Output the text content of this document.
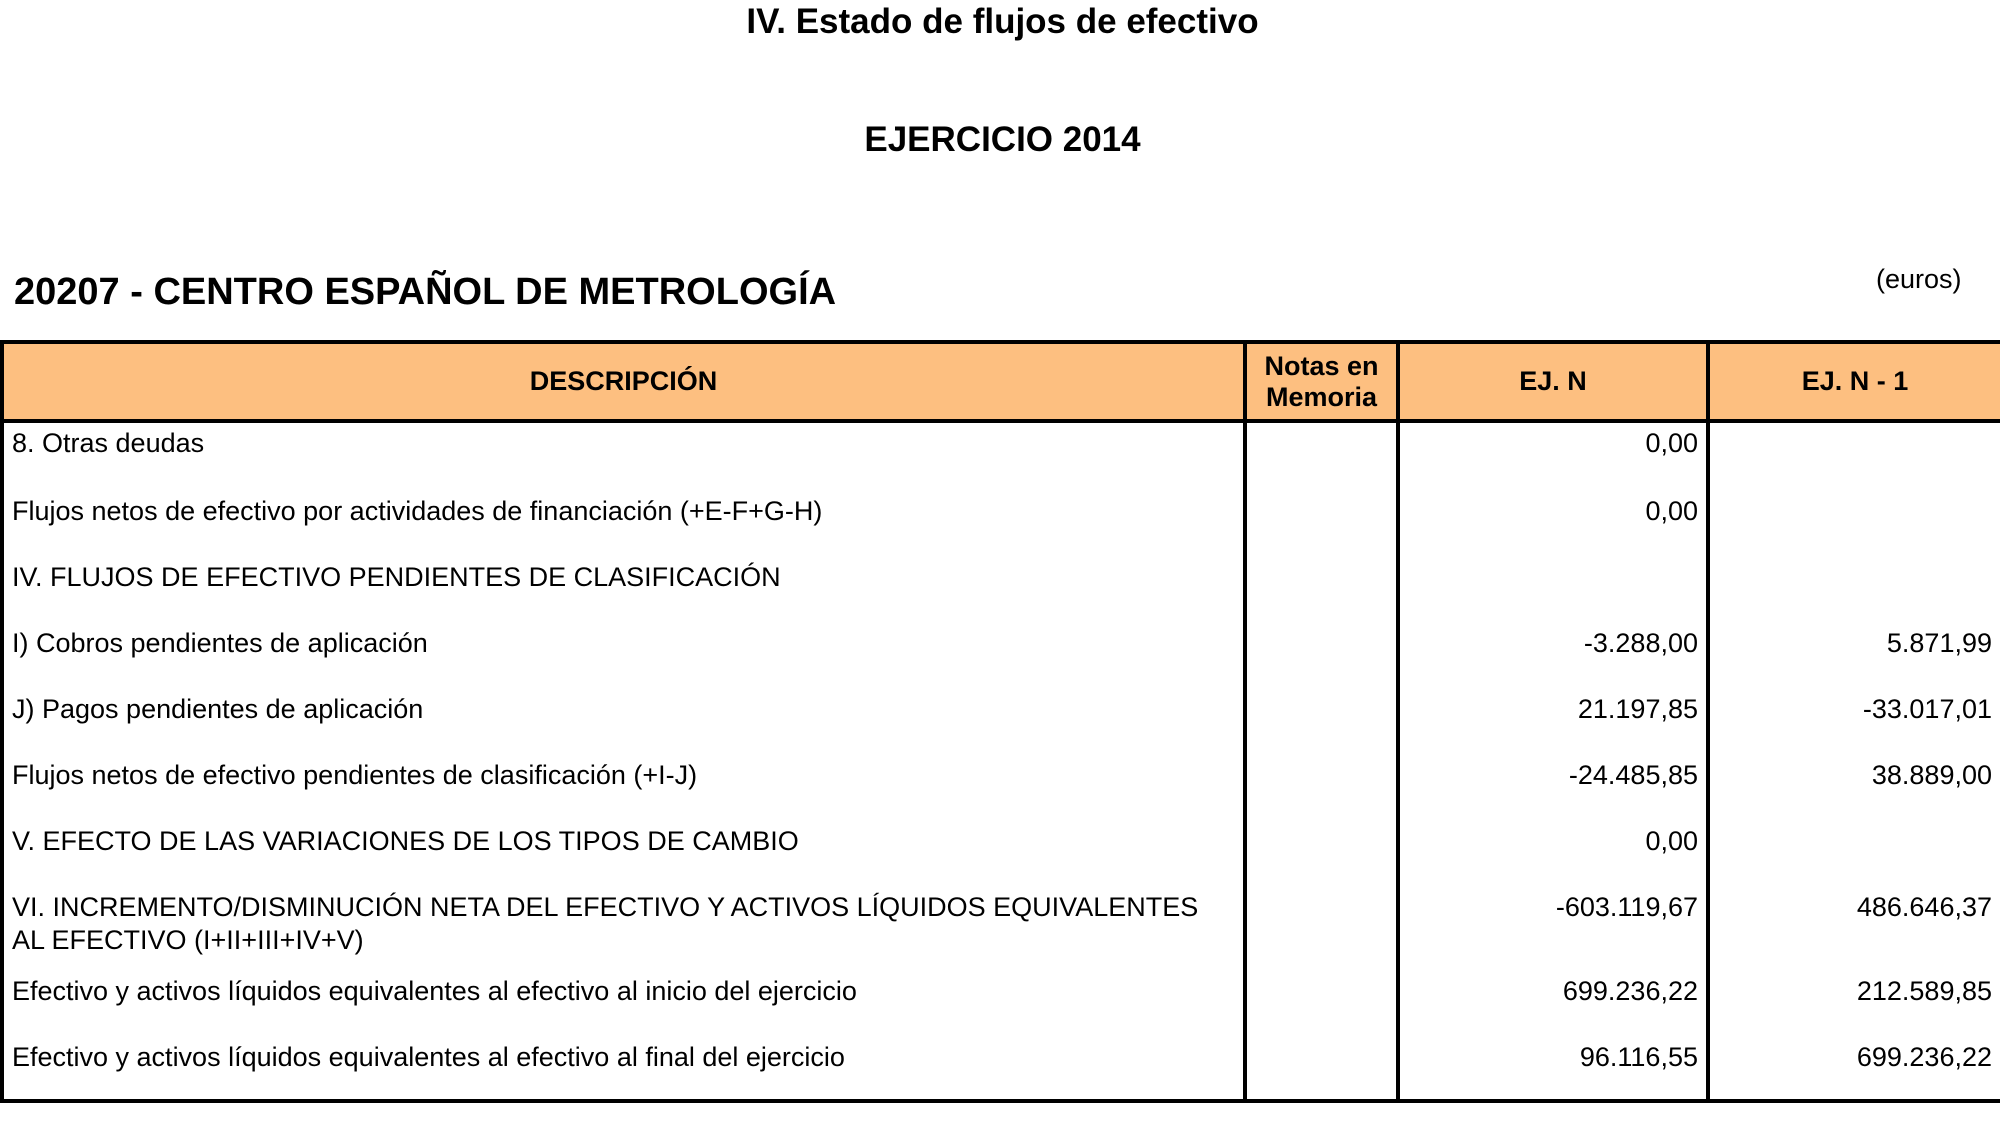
IV. Estado de flujos de efectivo
EJERCICIO 2014
20207 - CENTRO ESPAÑOL DE METROLOGÍA	(euros)
DESCRIPCIÓN	Notas en Memoria	EJ. N	EJ. N - 1
8. Otras deudas		0,00	
Flujos netos de efectivo por actividades de financiación (+E-F+G-H)		0,00	
IV. FLUJOS DE EFECTIVO PENDIENTES DE CLASIFICACIÓN			
I) Cobros pendientes de aplicación		-3.288,00	5.871,99
J) Pagos pendientes de aplicación		21.197,85	-33.017,01
Flujos netos de efectivo pendientes de clasificación (+I-J)		-24.485,85	38.889,00
V. EFECTO DE LAS VARIACIONES DE LOS TIPOS DE CAMBIO		0,00	
VI. INCREMENTO/DISMINUCIÓN NETA DEL EFECTIVO Y ACTIVOS LÍQUIDOS EQUIVALENTES AL EFECTIVO (I+II+III+IV+V)		-603.119,67	486.646,37
Efectivo y activos líquidos equivalentes al efectivo al inicio del ejercicio		699.236,22	212.589,85
Efectivo y activos líquidos equivalentes al efectivo al final del ejercicio		96.116,55	699.236,22
